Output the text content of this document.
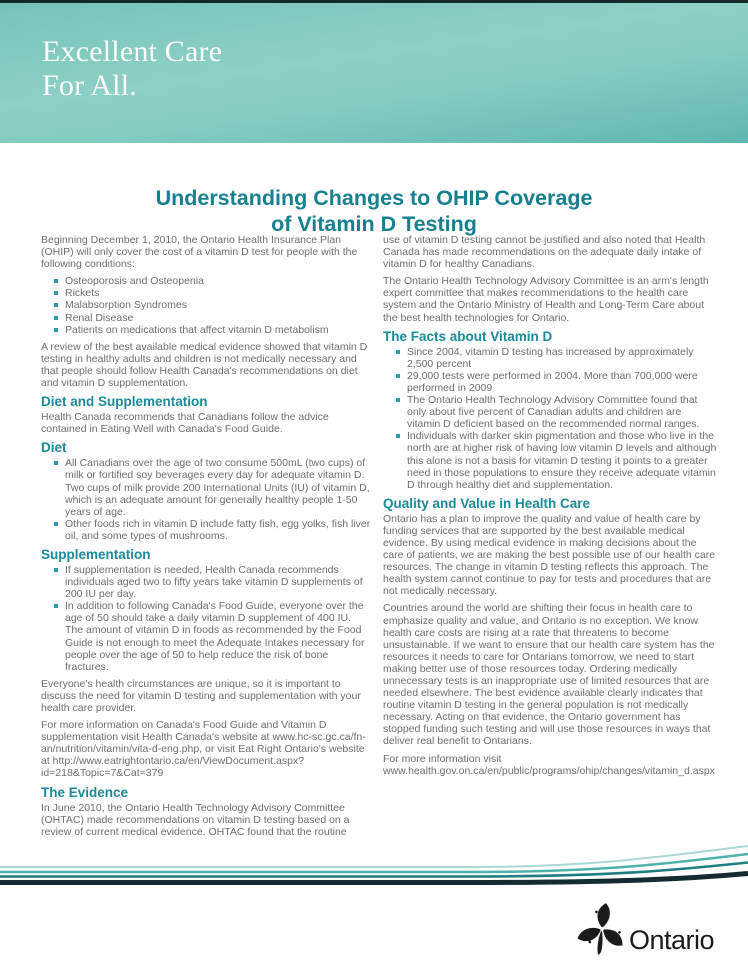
Excellent Care
For All.
Understanding Changes to OHIP Coverage
of Vitamin D Testing

Beginning December 1, 2010, the Ontario Health Insurance Plan (OHIP) will only cover the cost of a vitamin D test for people with the following conditions:

Osteoporosis and Osteopenia
Rickets
Malabsorption Syndromes
Renal Disease
Patients on medications that affect vitamin D metabolism

A review of the best available medical evidence showed that vitamin D testing in healthy adults and children is not medically necessary and that people should follow Health Canada's recommendations on diet and vitamin D supplementation.

Diet and Supplementation

Health Canada recommends that Canadians follow the advice contained in Eating Well with Canada's Food Guide.

Diet
All Canadians over the age of two consume 500mL (two cups) of milk or fortified soy beverages every day for adequate vitamin D. Two cups of milk provide 200 International Units (IU) of vitamin D, which is an adequate amount for generally healthy people 1-50 years of age.
Other foods rich in vitamin D include fatty fish, egg yolks, fish liver oil, and some types of mushrooms.
Supplementation
If supplementation is needed, Health Canada recommends individuals aged two to fifty years take vitamin D supplements of 200 IU per day.
In addition to following Canada's Food Guide, everyone over the age of 50 should take a daily vitamin D supplement of 400 IU. The amount of vitamin D in foods as recommended by the Food Guide is not enough to meet the Adequate Intakes necessary for people over the age of 50 to help reduce the risk of bone fractures.

Everyone's health circumstances are unique, so it is important to discuss the need for vitamin D testing and supplementation with your health care provider.

For more information on Canada's Food Guide and Vitamin D supplementation visit Health Canada's website at www.hc-sc.gc.ca/fn-an/nutrition/vitamin/vita-d-eng.php, or visit Eat Right Ontario's website at http://www.eatrightontario.ca/en/ViewDocument.aspx?id=218&Topic=7&Cat=379

The Evidence

In June 2010, the Ontario Health Technology Advisory Committee (OHTAC) made recommendations on vitamin D testing based on a review of current medical evidence. OHTAC found that the routine

use of vitamin D testing cannot be justified and also noted that Health Canada has made recommendations on the adequate daily intake of vitamin D for healthy Canadians.

The Ontario Health Technology Advisory Committee is an arm's length expert committee that makes recommendations to the health care system and the Ontario Ministry of Health and Long-Term Care about the best health technologies for Ontario.

The Facts about Vitamin D
Since 2004, vitamin D testing has increased by approximately 2,500 percent
29,000 tests were performed in 2004. More than 700,000 were performed in 2009
The Ontario Health Technology Advisory Committee found that only about five percent of Canadian adults and children are vitamin D deficient based on the recommended normal ranges.
Individuals with darker skin pigmentation and those who live in the north are at higher risk of having low vitamin D levels and although this alone is not a basis for vitamin D testing it points to a greater need in those populations to ensure they receive adequate vitamin D through healthy diet and supplementation.
Quality and Value in Health Care

Ontario has a plan to improve the quality and value of health care by funding services that are supported by the best available medical evidence. By using medical evidence in making decisions about the care of patients, we are making the best possible use of our health care resources. The change in vitamin D testing reflects this approach. The health system cannot continue to pay for tests and procedures that are not medically necessary.

Countries around the world are shifting their focus in health care to emphasize quality and value, and Ontario is no exception. We know health care costs are rising at a rate that threatens to become unsustainable. If we want to ensure that our health care system has the resources it needs to care for Ontarians tomorrow, we need to start making better use of those resources today. Ordering medically unnecessary tests is an inappropriate use of limited resources that are needed elsewhere. The best evidence available clearly indicates that routine vitamin D testing in the general population is not medically necessary. Acting on that evidence, the Ontario government has stopped funding such testing and will use those resources in ways that deliver real benefit to Ontarians.

For more information visit www.health.gov.on.ca/en/public/programs/ohip/changes/vitamin_d.aspx

Ontario
